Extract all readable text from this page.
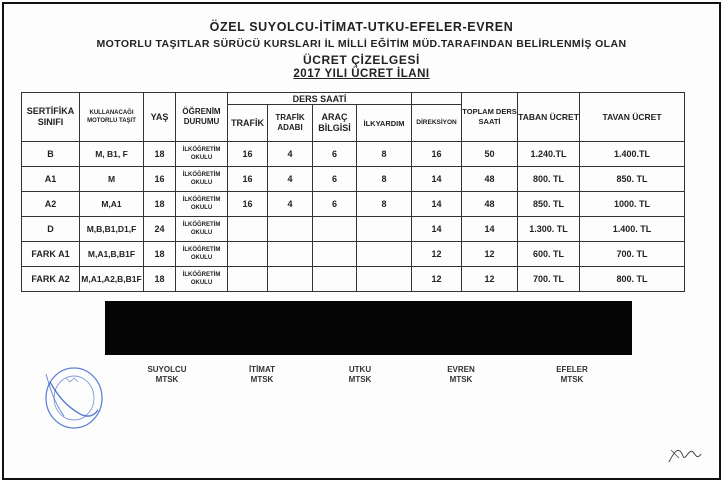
ÖZEL SUYOLCU-İTİMAT-UTKU-EFELER-EVREN
MOTORLU TAŞITLAR SÜRÜCÜ KURSLARI İL MİLLİ EĞİTİM MÜD.TARAFINDAN BELİRLENMİŞ OLAN
ÜCRET ÇİZELGESİ
2017 YILI ÜCRET İLANI
SERTİFİKA SINIFI	KULLANACAĞI MOTORLU TAŞIT	YAŞ	ÖĞRENİM DURUMU	DERS SAATİ					TOPLAM DERS SAATİ	TABAN ÜCRET	TAVAN ÜCRET
				TRAFİK	TRAFİK ADABI	ARAÇ BİLGİSİ	İLKYARDIM	DİREKSİYON			
B	M, B1, F	18	İLKÖĞRETİM OKULU	16	4	6	8	16	50	1.240.TL	1.400.TL
A1	M	16	İLKÖĞRETİM OKULU	16	4	6	8	14	48	800. TL	850. TL
A2	M,A1	18	İLKÖĞRETİM OKULU	16	4	6	8	14	48	850. TL	1000. TL
D	M,B,B1,D1,F	24	İLKÖĞRETİM OKULU					14	14	1.300. TL	1.400. TL
FARK A1	M,A1,B,B1F	18	İLKÖĞRETİM OKULU					12	12	600. TL	700. TL
FARK A2	M,A1,A2,B,B1F	18	İLKÖĞRETİM OKULU					12	12	700. TL	800. TL
SUYOLCU
MTSK
İTİMAT
MTSK
UTKU
MTSK
EVREN
MTSK
EFELER
MTSK
